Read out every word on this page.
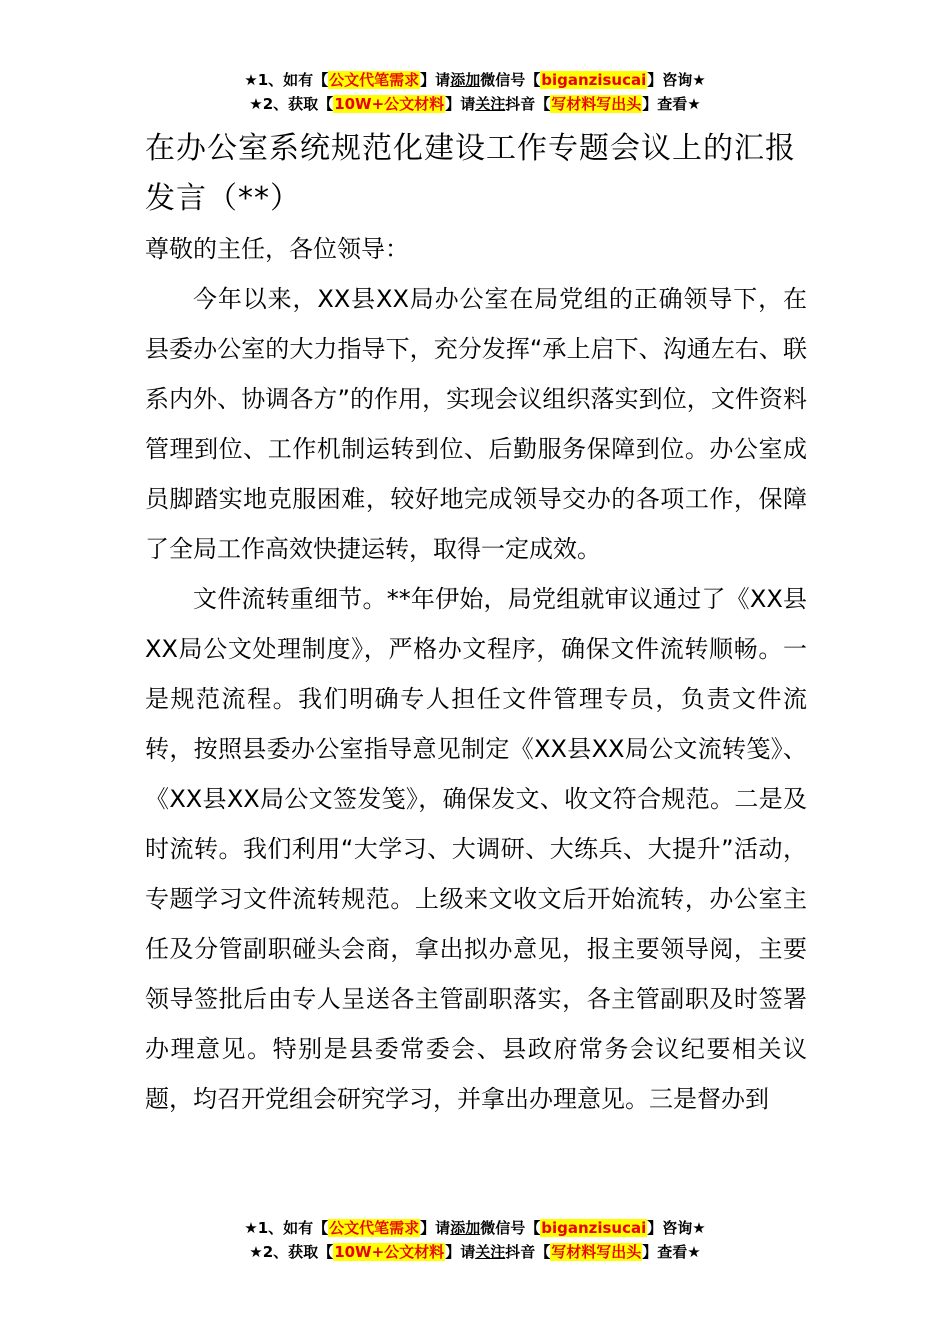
★1、如有【公文代笔需求】请添加微信号【biganzisucai】咨询★
★2、获取【10W+公文材料】请关注抖音【写材料写出头】查看★
在办公室系统规范化建设工作专题会议上的汇报发言（**）

尊敬的主任，各位领导：

今年以来，XX县XX局办公室在局党组的正确领导下，在县委办公室的大力指导下，充分发挥“承上启下、沟通左右、联系内外、协调各方”的作用，实现会议组织落实到位，文件资料管理到位、工作机制运转到位、后勤服务保障到位。办公室成员脚踏实地克服困难，较好地完成领导交办的各项工作，保障了全局工作高效快捷运转，取得一定成效。

文件流转重细节。**年伊始，局党组就审议通过了《XX县XX局公文处理制度》，严格办文程序，确保文件流转顺畅。一是规范流程。我们明确专人担任文件管理专员，负责文件流转，按照县委办公室指导意见制定《XX县XX局公文流转笺》、《XX县XX局公文签发笺》，确保发文、收文符合规范。二是及时流转。我们利用“大学习、大调研、大练兵、大提升”活动，专题学习文件流转规范。上级来文收文后开始流转，办公室主任及分管副职碰头会商，拿出拟办意见，报主要领导阅，主要领导签批后由专人呈送各主管副职落实，各主管副职及时签署办理意见。特别是县委常委会、县政府常务会议纪要相关议题，均召开党组会研究学习，并拿出办理意见。三是督办到

★1、如有【公文代笔需求】请添加微信号【biganzisucai】咨询★
★2、获取【10W+公文材料】请关注抖音【写材料写出头】查看★
